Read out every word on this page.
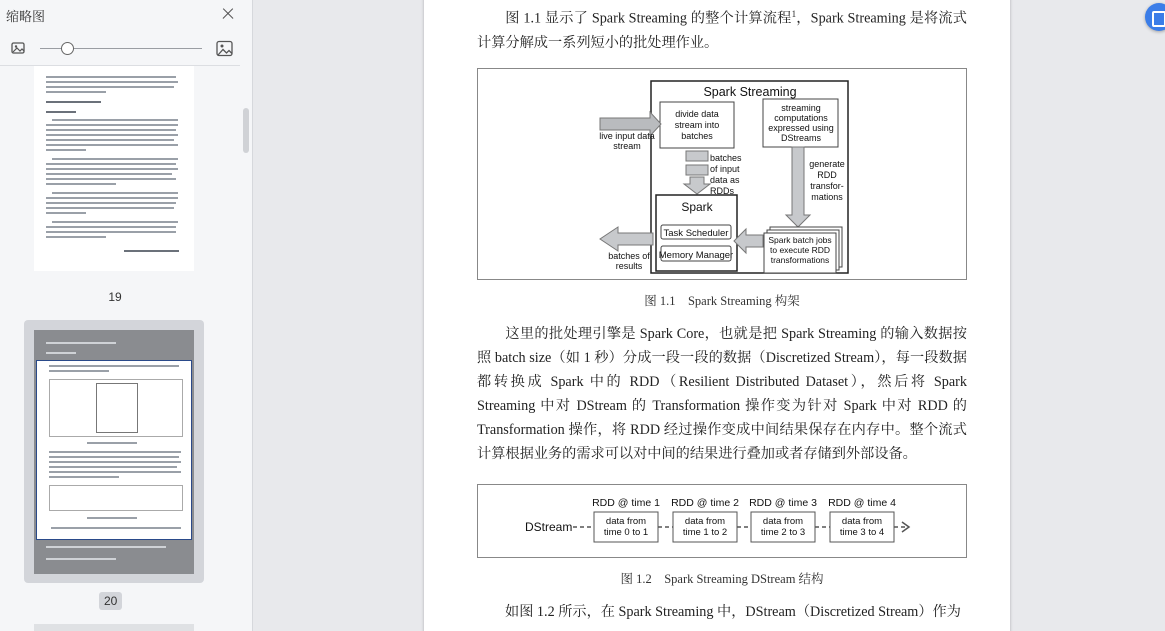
缩略图
19
20

图 1.1 显示了 Spark Streaming 的整个计算流程$^1$，Spark Streaming 是将流式计算分解成一系列短小的批处理作业。

Spark Streaming
Spark
Task Scheduler
Memory Manager
live input data stream
divide data stream into batches
streaming computations expressed using DStreams
batches of input data as RDDs
generate RDD transfor- mations
Spark batch jobs to execute RDD transformations
batches of results
图 1.1　Spark Streaming 构架

这里的批处理引擎是 Spark Core，也就是把 Spark Streaming 的输入数据按照 batch size（如 1 秒）分成一段一段的数据（Discretized Stream），每一段数据都转换成 Spark 中的 RDD（Resilient Distributed Dataset），然后将 Spark Streaming 中对 DStream 的 Transformation 操作变为针对 Spark 中对 RDD 的 Transformation 操作，将 RDD 经过操作变成中间结果保存在内存中。整个流式计算根据业务的需求可以对中间的结果进行叠加或者存储到外部设备。

DStream
RDD @ time 1 RDD @ time 2 RDD @ time 3 RDD @ time 4
data from time 0 to 1
data from time 1 to 2
data from time 2 to 3
data from time 3 to 4
图 1.2　Spark Streaming DStream 结构

如图 1.2 所示，在 Spark Streaming 中，DStream（Discretized Stream）作为
